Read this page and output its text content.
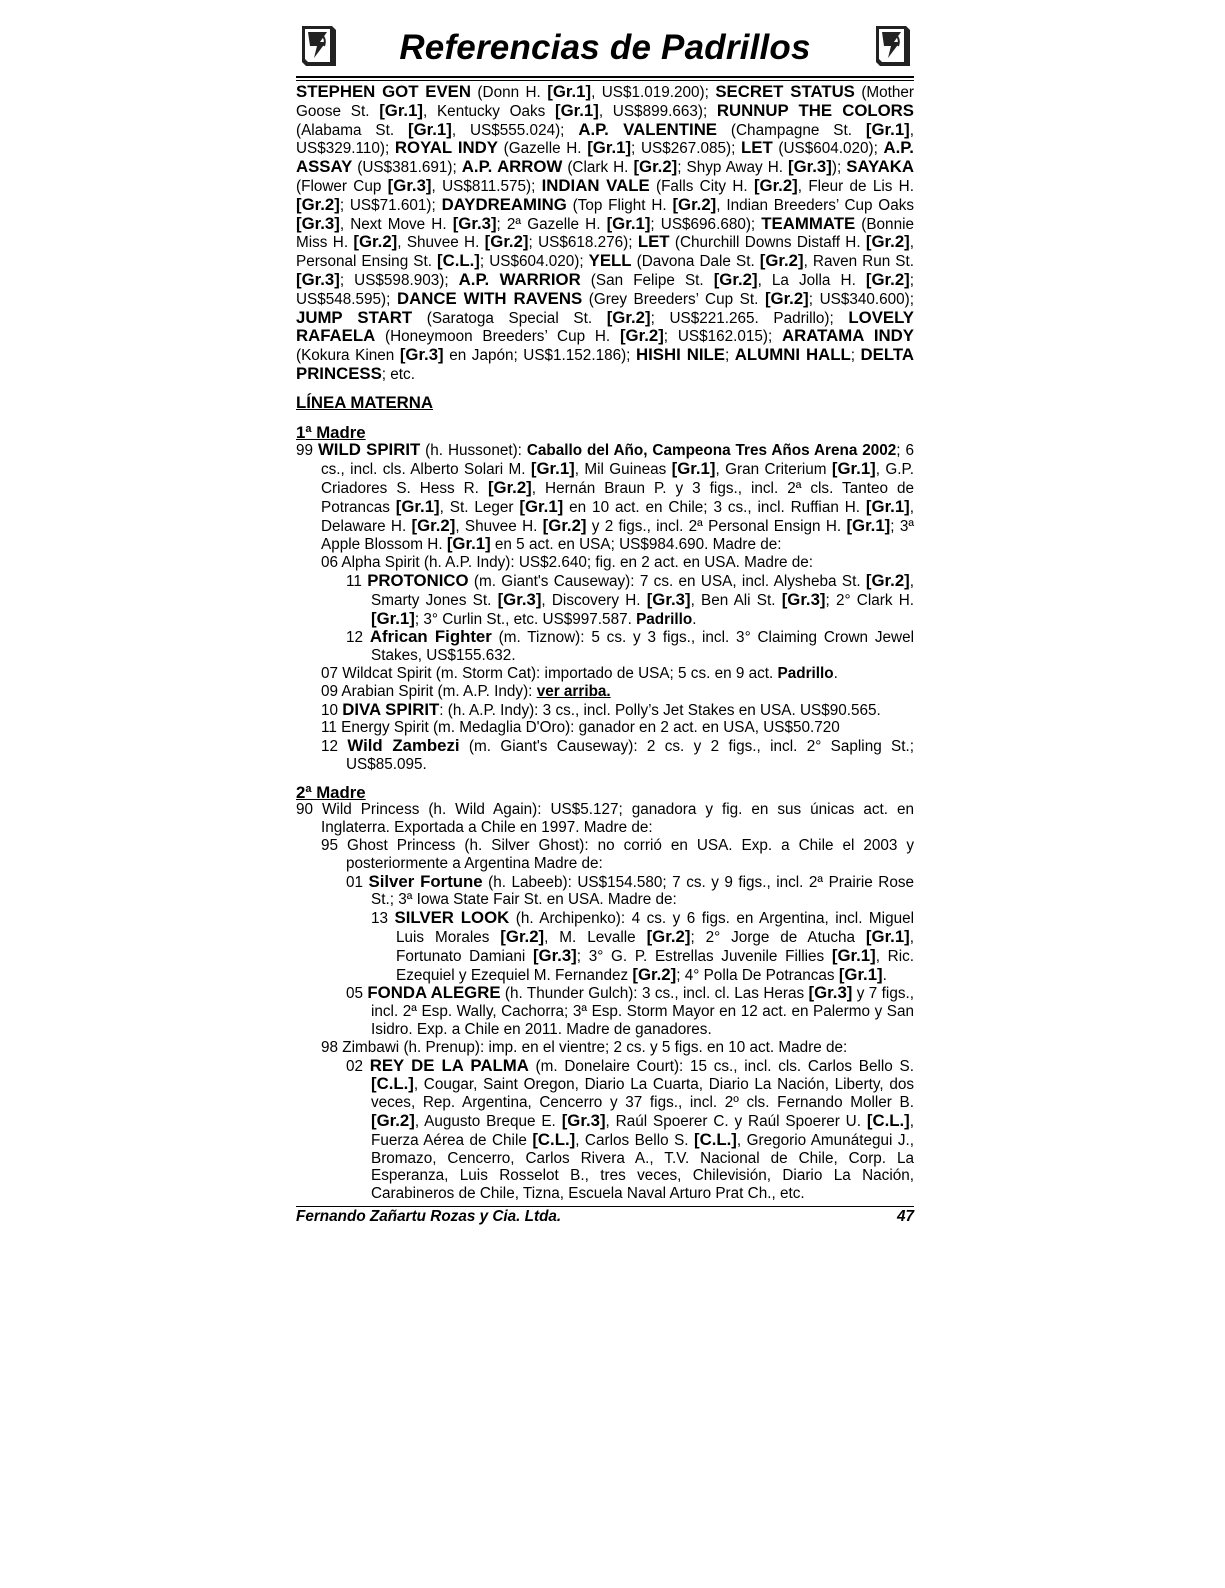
Referencias de Padrillos

STEPHEN GOT EVEN (Donn H. [Gr.1], US$1.019.200); SECRET STATUS (Mother Goose St. [Gr.1], Kentucky Oaks [Gr.1], US$899.663); RUNNUP THE COLORS (Alabama St. [Gr.1], US$555.024); A.P. VALENTINE (Champagne St. [Gr.1], US$329.110); ROYAL INDY (Gazelle H. [Gr.1]; US$267.085); LET (US$604.020); A.P. ASSAY (US$381.691); A.P. ARROW (Clark H. [Gr.2]; Shyp Away H. [Gr.3]); SAYAKA (Flower Cup [Gr.3], US$811.575); INDIAN VALE (Falls City H. [Gr.2], Fleur de Lis H. [Gr.2]; US$71.601); DAYDREAMING (Top Flight H. [Gr.2], Indian Breeders’ Cup Oaks [Gr.3], Next Move H. [Gr.3]; 2ª Gazelle H. [Gr.1]; US$696.680); TEAMMATE (Bonnie Miss H. [Gr.2], Shuvee H. [Gr.2]; US$618.276); LET (Churchill Downs Distaff H. [Gr.2], Personal Ensing St. [C.L.]; US$604.020); YELL (Davona Dale St. [Gr.2], Raven Run St. [Gr.3]; US$598.903); A.P. WARRIOR (San Felipe St. [Gr.2], La Jolla H. [Gr.2]; US$548.595); DANCE WITH RAVENS (Grey Breeders’ Cup St. [Gr.2]; US$340.600); JUMP START (Saratoga Special St. [Gr.2]; US$221.265. Padrillo); LOVELY RAFAELA (Honeymoon Breeders’ Cup H. [Gr.2]; US$162.015); ARATAMA INDY (Kokura Kinen [Gr.3] en Japón; US$1.152.186); HISHI NILE; ALUMNI HALL; DELTA PRINCESS; etc.

LÍNEA MATERNA
1ª Madre

99 WILD SPIRIT (h. Hussonet): Caballo del Año, Campeona Tres Años Arena 2002; 6 cs., incl. cls. Alberto Solari M. [Gr.1], Mil Guineas [Gr.1], Gran Criterium [Gr.1], G.P. Criadores S. Hess R. [Gr.2], Hernán Braun P. y 3 figs., incl. 2ª cls. Tanteo de Potrancas [Gr.1], St. Leger [Gr.1] en 10 act. en Chile; 3 cs., incl. Ruffian H. [Gr.1], Delaware H. [Gr.2], Shuvee H. [Gr.2] y 2 figs., incl. 2ª Personal Ensign H. [Gr.1]; 3ª Apple Blossom H. [Gr.1] en 5 act. en USA; US$984.690. Madre de:

06 Alpha Spirit (h. A.P. Indy): US$2.640; fig. en 2 act. en USA. Madre de:

11 PROTONICO (m. Giant's Causeway): 7 cs. en USA, incl. Alysheba St. [Gr.2], Smarty Jones St. [Gr.3], Discovery H. [Gr.3], Ben Ali St. [Gr.3]; 2° Clark H. [Gr.1]; 3° Curlin St., etc. US$997.587. Padrillo.

12 African Fighter (m. Tiznow): 5 cs. y 3 figs., incl. 3° Claiming Crown Jewel Stakes, US$155.632.

07 Wildcat Spirit (m. Storm Cat): importado de USA; 5 cs. en 9 act. Padrillo.

09 Arabian Spirit (m. A.P. Indy): ver arriba.

10 DIVA SPIRIT: (h. A.P. Indy): 3 cs., incl. Polly’s Jet Stakes en USA. US$90.565.

11 Energy Spirit (m. Medaglia D'Oro): ganador en 2 act. en USA, US$50.720

12 Wild Zambezi (m. Giant's Causeway): 2 cs. y 2 figs., incl. 2° Sapling St.; US$85.095.

2ª Madre

90 Wild Princess (h. Wild Again): US$5.127; ganadora y fig. en sus únicas act. en Inglaterra. Exportada a Chile en 1997. Madre de:

95 Ghost Princess (h. Silver Ghost): no corrió en USA. Exp. a Chile el 2003 y posteriormente a Argentina Madre de:

01 Silver Fortune (h. Labeeb): US$154.580; 7 cs. y 9 figs., incl. 2ª Prairie Rose St.; 3ª Iowa State Fair St. en USA. Madre de:

13 SILVER LOOK (h. Archipenko): 4 cs. y 6 figs. en Argentina, incl. Miguel Luis Morales [Gr.2], M. Levalle [Gr.2]; 2° Jorge de Atucha [Gr.1], Fortunato Damiani [Gr.3]; 3° G. P. Estrellas Juvenile Fillies [Gr.1], Ric. Ezequiel y Ezequiel M. Fernandez [Gr.2]; 4° Polla De Potrancas [Gr.1].

05 FONDA ALEGRE (h. Thunder Gulch): 3 cs., incl. cl. Las Heras [Gr.3] y 7 figs., incl. 2ª Esp. Wally, Cachorra; 3ª Esp. Storm Mayor en 12 act. en Palermo y San Isidro. Exp. a Chile en 2011. Madre de ganadores.

98 Zimbawi (h. Prenup): imp. en el vientre; 2 cs. y 5 figs. en 10 act. Madre de:

02 REY DE LA PALMA (m. Donelaire Court): 15 cs., incl. cls. Carlos Bello S. [C.L.], Cougar, Saint Oregon, Diario La Cuarta, Diario La Nación, Liberty, dos veces, Rep. Argentina, Cencerro y 37 figs., incl. 2º cls. Fernando Moller B. [Gr.2], Augusto Breque E. [Gr.3], Raúl Spoerer C. y Raúl Spoerer U. [C.L.], Fuerza Aérea de Chile [C.L.], Carlos Bello S. [C.L.], Gregorio Amunátegui J., Bromazo, Cencerro, Carlos Rivera A., T.V. Nacional de Chile, Corp. La Esperanza, Luis Rosselot B., tres veces, Chilevisión, Diario La Nación, Carabineros de Chile, Tizna, Escuela Naval Arturo Prat Ch., etc.

Fernando Zañartu Rozas y Cia. Ltda.	47
